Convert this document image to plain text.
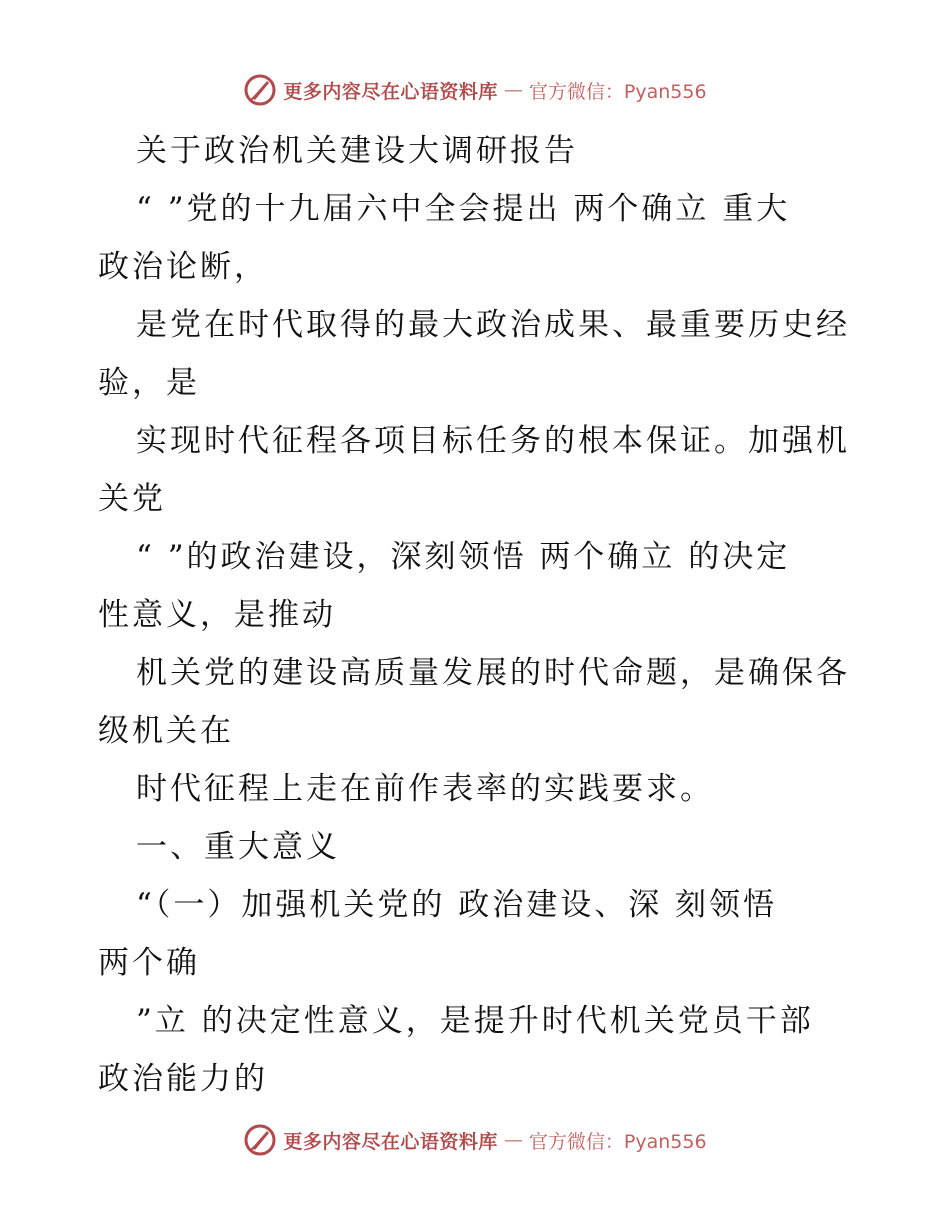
更多内容尽在心语资料库 — 官方微信：Pyan556
关于政治机关建设大调研报告
“ ”党的十九届六中全会提出 两个确立 重大
政治论断，
是党在时代取得的最大政治成果、最重要历史经
验，是
实现时代征程各项目标任务的根本保证。加强机
关党
“ ”的政治建设，深刻领悟 两个确立 的决定
性意义，是推动
机关党的建设高质量发展的时代命题，是确保各
级机关在
时代征程上走在前作表率的实践要求。
一、重大意义
“（一）加强机关党的 政治建设、深 刻领悟
两个确
”立 的决定性意义，是提升时代机关党员干部
政治能力的
更多内容尽在心语资料库 — 官方微信：Pyan556
